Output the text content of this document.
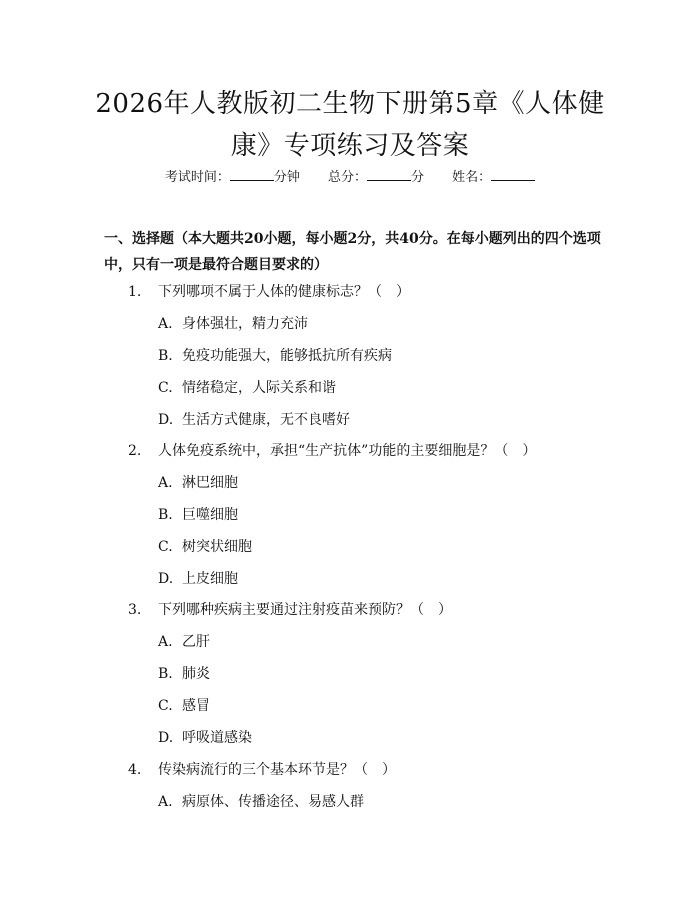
2026年人教版初二生物下册第5章《人体健
康》专项练习及答案
考试时间：	分钟 总分：	分 姓名：
一、选择题（本大题共20小题，每小题2分，共40分。在每小题列出的四个选项中，只有一项是最符合题目要求的）
1. 下列哪项不属于人体的健康标志？（　）
A. 身体强壮，精力充沛
B. 免疫功能强大，能够抵抗所有疾病
C. 情绪稳定，人际关系和谐
D. 生活方式健康，无不良嗜好
2. 人体免疫系统中，承担“生产抗体”功能的主要细胞是？（　）
A. 淋巴细胞
B. 巨噬细胞
C. 树突状细胞
D. 上皮细胞
3. 下列哪种疾病主要通过注射疫苗来预防？（　）
A. 乙肝
B. 肺炎
C. 感冒
D. 呼吸道感染
4. 传染病流行的三个基本环节是？（　）
A. 病原体、传播途径、易感人群
